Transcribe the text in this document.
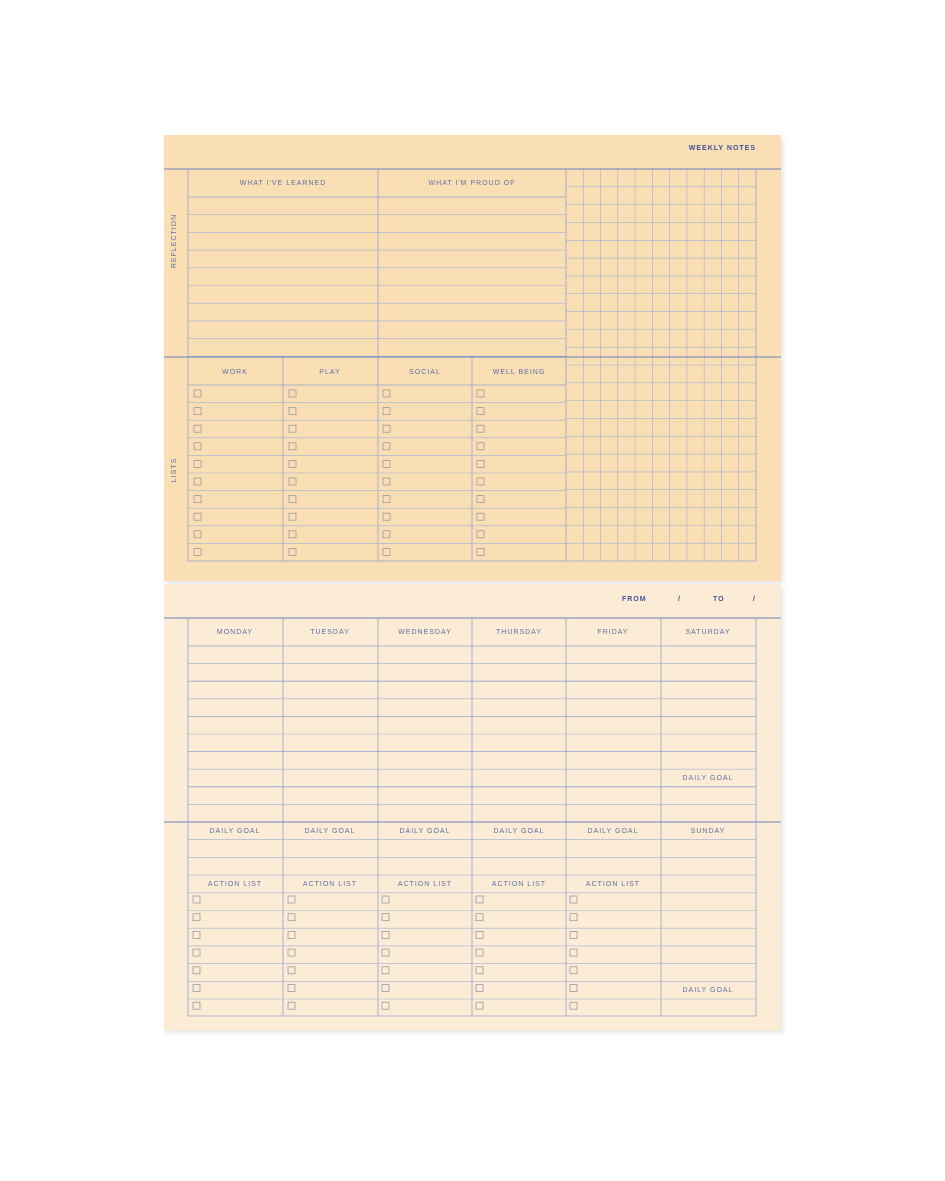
WEEKLY NOTES
REFLECTION
LISTS
WHAT I'VE LEARNED	WHAT I'M PROUD OF
WORK	PLAY	SOCIAL	WELL BEING
FROM	/	TO	/
MONDAY	TUESDAY	WEDNESDAY	THURSDAY	FRIDAY	SATURDAY
DAILY GOAL
DAILY GOAL	DAILY GOAL	DAILY GOAL	DAILY GOAL	DAILY GOAL	SUNDAY
ACTION LIST	ACTION LIST	ACTION LIST	ACTION LIST	ACTION LIST
DAILY GOAL
